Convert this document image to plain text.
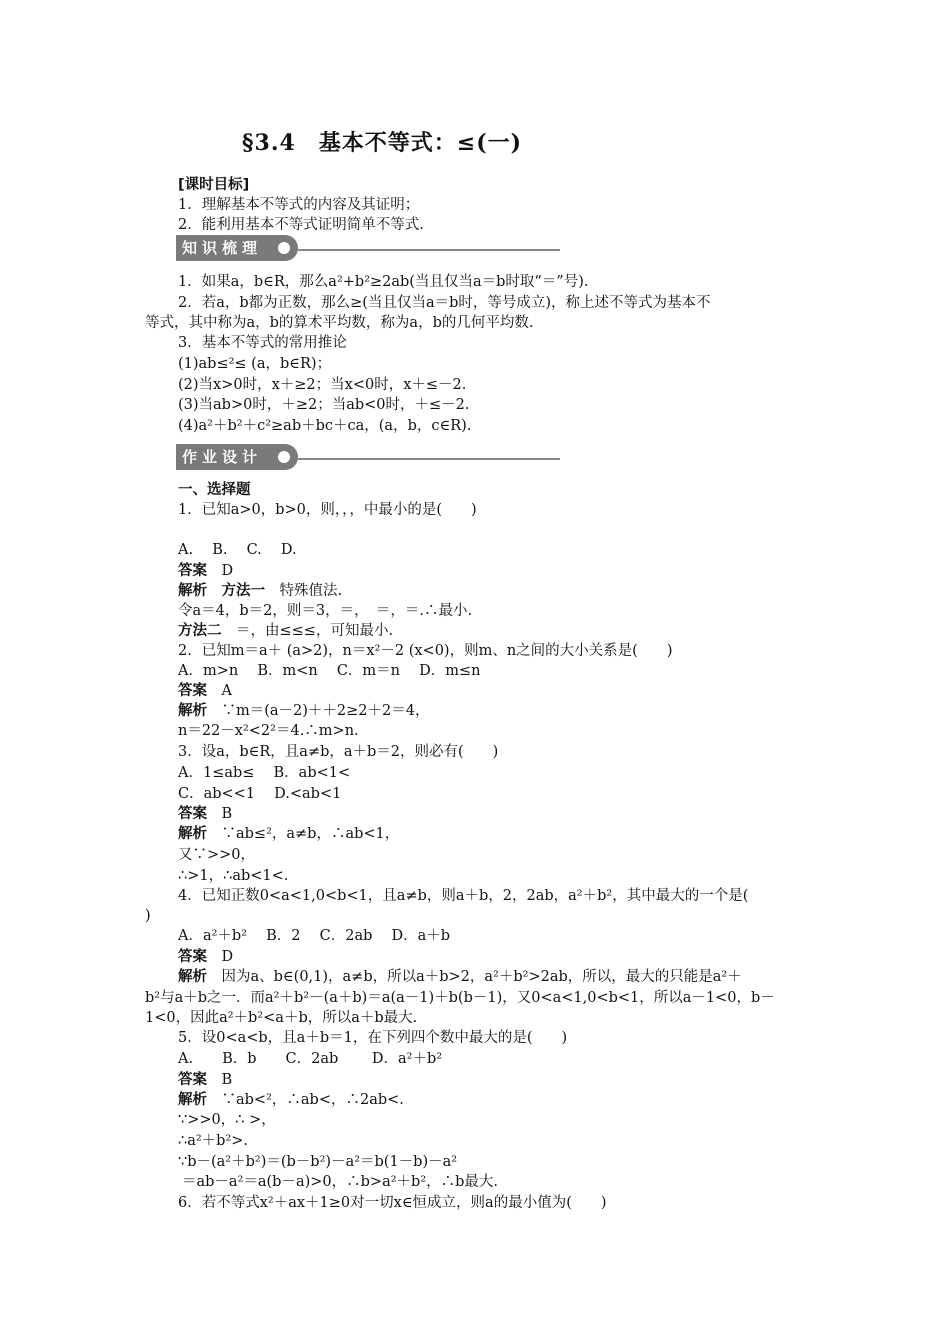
§3.4　基本不等式：≤(一)
[课时目标]
1．理解基本不等式的内容及其证明；
2．能利用基本不等式证明简单不等式.
知识梳理
1．如果a，b∈R，那么a²+b²≥2ab(当且仅当a＝b时取“＝”号).
2．若a，b都为正数，那么≥(当且仅当a＝b时，等号成立)，称上述不等式为基本不
等式，其中称为a，b的算术平均数，称为a，b的几何平均数.
3．基本不等式的常用推论
(1)ab≤²≤ (a，b∈R)；
(2)当x>0时，x＋≥2；当x<0时，x＋≤－2.
(3)当ab>0时，＋≥2；当ab<0时，＋≤－2.
(4)a²＋b²＋c²≥ab＋bc＋ca，(a，b，c∈R).
作业设计
一、选择题
1．已知a>0，b>0，则，，，中最小的是(　　)
A.　 B.　 C.　 D.
答案　D
解析　方法一　特殊值法.
令a＝4，b＝2，则＝3，＝，　＝，＝.∴最小.
方法二　＝，由≤≤≤，可知最小.
2．已知m＝a＋ (a>2)，n＝x²－2 (x<0)，则m、n之间的大小关系是(　　)
A．m>n　 B．m<n　 C．m＝n　 D．m≤n
答案　A
解析　∵m＝(a－2)＋＋2≥2＋2＝4，
n＝22－x²<2²＝4.∴m>n.
3．设a，b∈R，且a≠b，a＋b＝2，则必有(　　)
A．1≤ab≤　 B．ab<1<
C．ab<<1　 D.<ab<1
答案　B
解析　∵ab≤²，a≠b，∴ab<1，
又∵>>0，
∴>1，∴ab<1<.
4．已知正数0<a<1,0<b<1，且a≠b，则a＋b，2，2ab，a²＋b²，其中最大的一个是(
)
A．a²＋b²　 B．2　 C．2ab　 D．a＋b
答案　D
解析　因为a、b∈(0,1)，a≠b，所以a＋b>2，a²＋b²>2ab，所以，最大的只能是a²＋
b²与a＋b之一．而a²＋b²－(a＋b)＝a(a－1)＋b(b－1)，又0<a<1,0<b<1，所以a－1<0，b－
1<0，因此a²＋b²<a＋b，所以a＋b最大.
5．设0<a<b，且a＋b＝1，在下列四个数中最大的是(　　)
A.　　B．b　　C．2ab　　 D．a²＋b²
答案　B
解析　∵ab<²，∴ab<，∴2ab<.
∵>>0，∴ >，
∴a²＋b²>.
∵b－(a²＋b²)＝(b－b²)－a²＝b(1－b)－a²
＝ab－a²＝a(b－a)>0，∴b>a²＋b²，∴b最大.
6．若不等式x²＋ax＋1≥0对一切x∈恒成立，则a的最小值为(　　)
